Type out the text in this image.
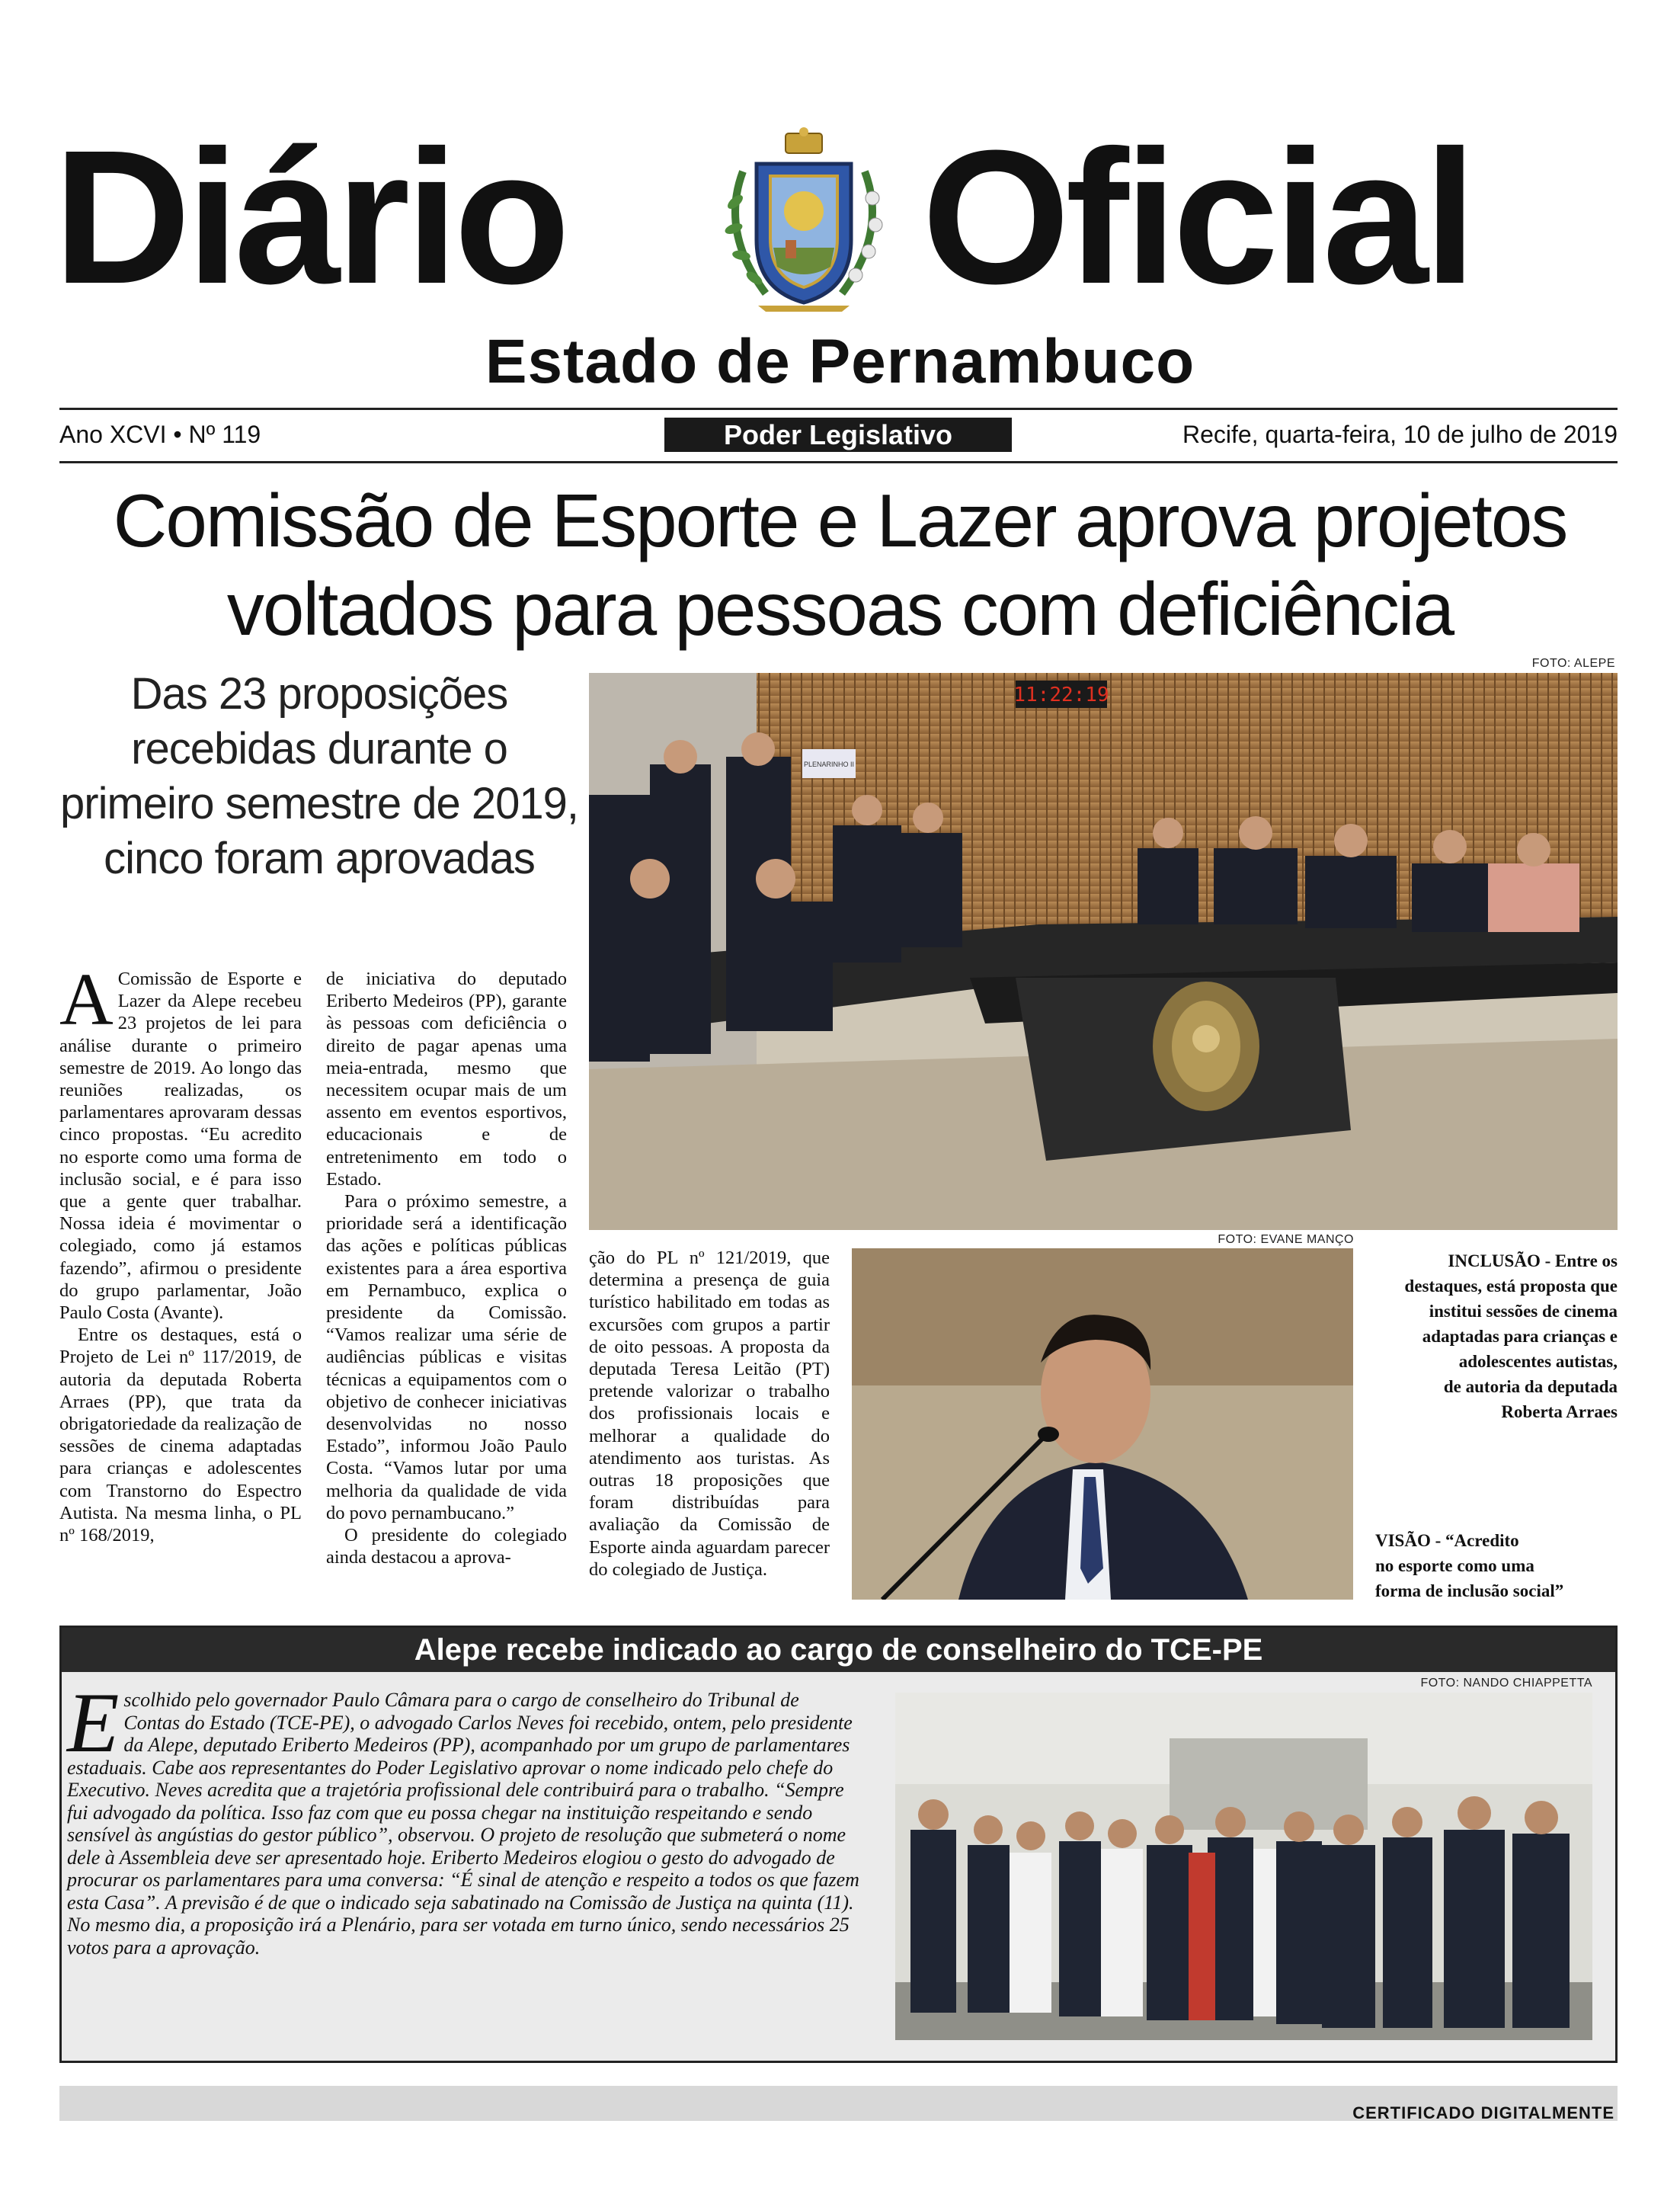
Diário Oficial
Estado de Pernambuco
Ano XCVI • Nº 119	Poder Legislativo	Recife, quarta-feira, 10 de julho de 2019
Comissão de Esporte e Lazer aprova projetos
voltados para pessoas com deficiência
Das 23 proposições recebidas durante o primeiro semestre de 2019, cinco foram aprovadas
FOTO: ALEPE
11:22:19
PLENARINHO II

A Comissão de Esporte e Lazer da Alepe recebeu 23 projetos de lei para análise durante o primeiro semestre de 2019. Ao longo das reuniões realizadas, os parlamentares aprovaram dessas cinco propostas. “Eu acredito no esporte como uma forma de inclusão social, e é para isso que a gente quer trabalhar. Nossa ideia é movimentar o colegiado, como já estamos fazendo”, afirmou o presidente do grupo parlamentar, João Paulo Costa (Avante).

Entre os destaques, está o Projeto de Lei nº 117/2019, de autoria da deputada Roberta Arraes (PP), que trata da obrigatoriedade da realização de sessões de cinema adaptadas para crianças e adolescentes com Transtorno do Espectro Autista. Na mesma linha, o PL nº 168/2019,

de iniciativa do deputado Eriberto Medeiros (PP), garante às pessoas com deficiência o direito de pagar apenas uma meia-entrada, mesmo que necessitem ocupar mais de um assento em eventos esportivos, educacionais e de entretenimento em todo o Estado.

Para o próximo semestre, a prioridade será a identificação das ações e políticas públicas existentes para a área esportiva em Pernambuco, explica o presidente da Comissão. “Vamos realizar uma série de audiências públicas e visitas técnicas a equipamentos com o objetivo de conhecer iniciativas desenvolvidas no nosso Estado”, informou João Paulo Costa. “Vamos lutar por uma melhoria da qualidade de vida do povo pernambucano.”

O presidente do colegiado ainda destacou a aprova-

ção do PL nº 121/2019, que determina a presença de guia turístico habilitado em todas as excursões com grupos a partir de oito pessoas. A proposta da deputada Teresa Leitão (PT) pretende valorizar o trabalho dos profissionais locais e melhorar a qualidade do atendimento aos turistas. As outras 18 proposições que foram distribuídas para avaliação da Comissão de Esporte ainda aguardam parecer do colegiado de Justiça.

FOTO: EVANE MANÇO
INCLUSÃO - Entre os
destaques, está proposta que
institui sessões de cinema
adaptadas para crianças e
adolescentes autistas,
de autoria da deputada
Roberta Arraes
VISÃO - “Acredito
no esporte como uma
forma de inclusão social”
Alepe recebe indicado ao cargo de conselheiro do TCE-PE
Escolhido pelo governador Paulo Câmara para o cargo de conselheiro do Tribunal de Contas do Estado (TCE-PE), o advogado Carlos Neves foi recebido, ontem, pelo presidente da Alepe, deputado Eriberto Medeiros (PP), acompanhado por um grupo de parlamentares estaduais. Cabe aos representantes do Poder Legislativo aprovar o nome indicado pelo chefe do Executivo. Neves acredita que a trajetória profissional dele contribuirá para o trabalho. “Sempre fui advogado da política. Isso faz com que eu possa chegar na instituição respeitando e sendo sensível às angústias do gestor público”, observou. O projeto de resolução que submeterá o nome dele à Assembleia deve ser apresentado hoje. Eriberto Medeiros elogiou o gesto do advogado de procurar os parlamentares para uma conversa: “É sinal de atenção e respeito a todos os que fazem esta Casa”. A previsão é de que o indicado seja sabatinado na Comissão de Justiça na quinta (11). No mesmo dia, a proposição irá a Plenário, para ser votada em turno único, sendo necessários 25 votos para a aprovação.
FOTO: NANDO CHIAPPETTA
CERTIFICADO DIGITALMENTE
